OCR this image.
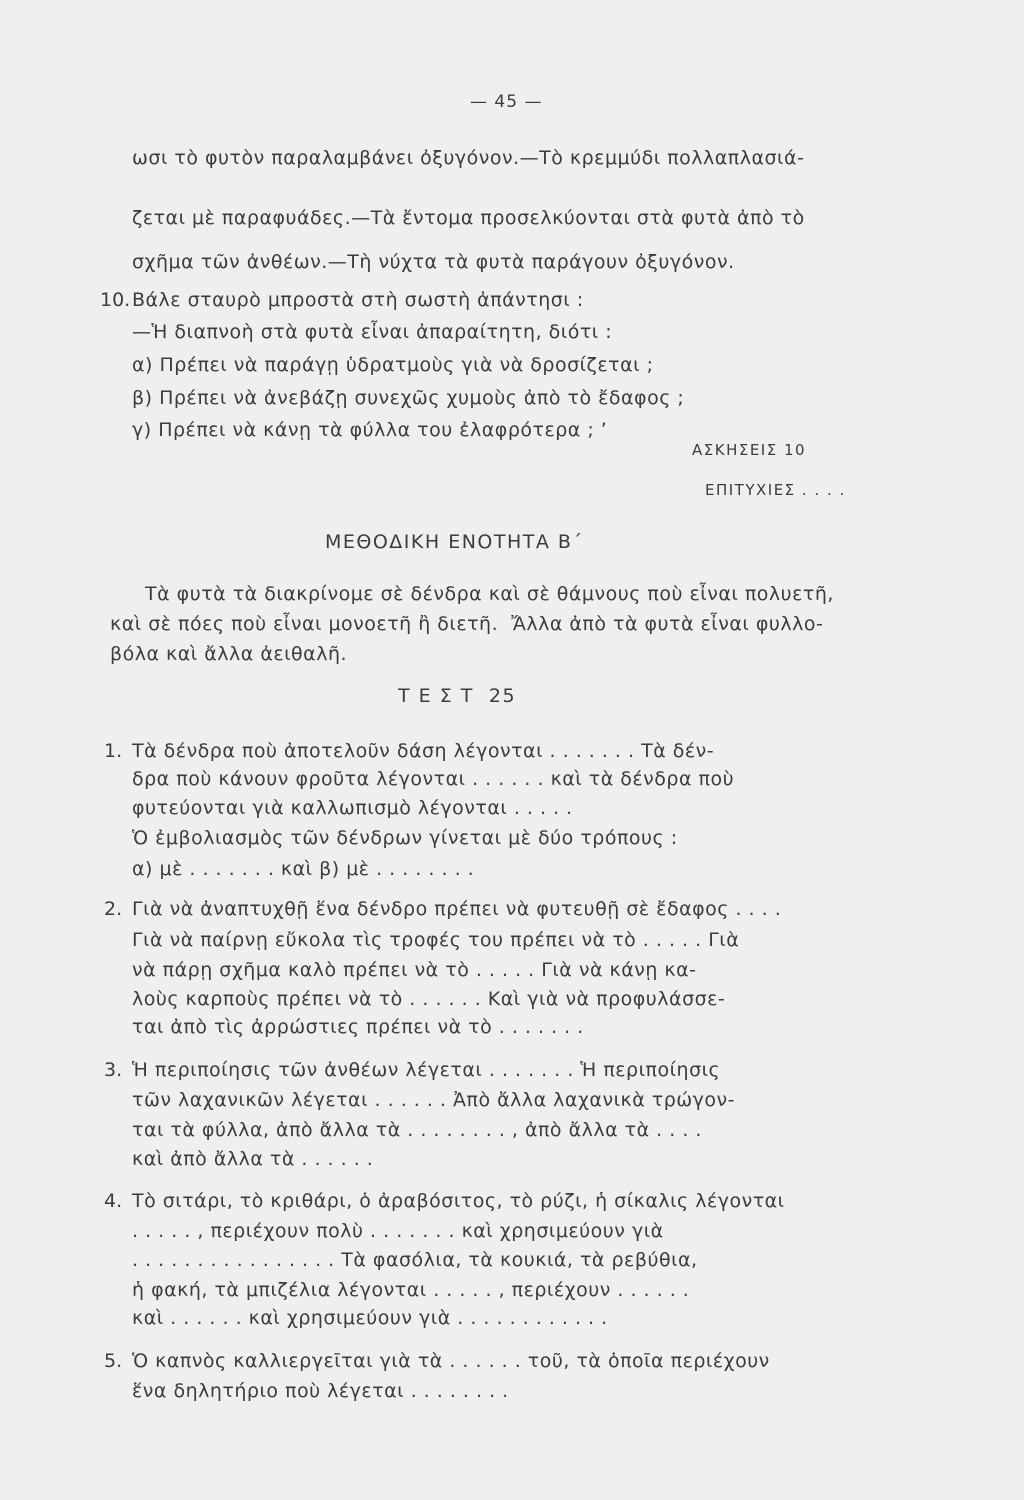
— 45 —
ωσι τὸ φυτὸν παραλαμβάνει ὀξυγόνον.—Τὸ κρεμμύδι πολλαπλασιά-
ζεται μὲ παραφυάδες.—Τὰ ἔντομα προσελκύονται στὰ φυτὰ ἀπὸ τὸ
σχῆμα τῶν ἀνθέων.—Τὴ νύχτα τὰ φυτὰ παράγουν ὀξυγόνον.
10. Βάλε σταυρὸ μπροστὰ στὴ σωστὴ ἀπάντησι :
—Ἡ διαπνοὴ στὰ φυτὰ εἶναι ἀπαραίτητη, διότι :
α) Πρέπει νὰ παράγῃ ὑδρατμοὺς γιὰ νὰ δροσίζεται ;
β) Πρέπει νὰ ἀνεβάζῃ συνεχῶς χυμοὺς ἀπὸ τὸ ἔδαφος ;
γ) Πρέπει νὰ κάνῃ τὰ φύλλα του ἐλαφρότερα ; ’
ΑΣΚΗΣΕΙΣ 10
ΕΠΙΤΥΧΙΕΣ . . . .
ΜΕΘΟΔΙΚΗ ΕΝΟΤΗΤΑ Β΄
Τὰ φυτὰ τὰ διακρίνομε σὲ δένδρα καὶ σὲ θάμνους ποὺ εἶναι πολυετῆ,
καὶ σὲ πόες ποὺ εἶναι μονοετῆ ἢ διετῆ.  Ἄλλα ἀπὸ τὰ φυτὰ εἶναι φυλλο-
βόλα καὶ ἄλλα ἀειθαλῆ.
Τ Ε Σ Τ  25
1. Τὰ δένδρα ποὺ ἀποτελοῦν δάση λέγονται . . . . . . . Τὰ δέν-
δρα ποὺ κάνουν φροῦτα λέγονται . . . . . . καὶ τὰ δένδρα ποὺ
φυτεύονται γιὰ καλλωπισμὸ λέγονται . . . . .
Ὁ ἐμβολιασμὸς τῶν δένδρων γίνεται μὲ δύο τρόπους :
α) μὲ . . . . . . . καὶ β) μὲ . . . . . . . .
2. Γιὰ νὰ ἀναπτυχθῇ ἕνα δένδρο πρέπει νὰ φυτευθῇ σὲ ἔδαφος . . . .
Γιὰ νὰ παίρνῃ εὔκολα τὶς τροφές του πρέπει νὰ τὸ . . . . . Γιὰ
νὰ πάρῃ σχῆμα καλὸ πρέπει νὰ τὸ . . . . . Γιὰ νὰ κάνῃ κα-
λοὺς καρποὺς πρέπει νὰ τὸ . . . . . . Καὶ γιὰ νὰ προφυλάσσε-
ται ἀπὸ τὶς ἀρρώστιες πρέπει νὰ τὸ . . . . . . .
3. Ἡ περιποίησις τῶν ἀνθέων λέγεται . . . . . . . Ἡ περιποίησις
τῶν λαχανικῶν λέγεται . . . . . . Ἀπὸ ἄλλα λαχανικὰ τρώγον-
ται τὰ φύλλα, ἀπὸ ἄλλα τὰ . . . . . . . . , ἀπὸ ἄλλα τὰ . . . .
καὶ ἀπὸ ἄλλα τὰ . . . . . .
4. Τὸ σιτάρι, τὸ κριθάρι, ὁ ἀραβόσιτος, τὸ ρύζι, ἡ σίκαλις λέγονται
. . . . . , περιέχουν πολὺ . . . . . . . καὶ χρησιμεύουν γιὰ
. . . . . . . . . . . . . . . . Τὰ φασόλια, τὰ κουκιά, τὰ ρεβύθια,
ἡ φακή, τὰ μπιζέλια λέγονται . . . . . , περιέχουν . . . . . .
καὶ . . . . . . καὶ χρησιμεύουν γιὰ . . . . . . . . . . . .
5. Ὁ καπνὸς καλλιεργεῖται γιὰ τὰ . . . . . . τοῦ, τὰ ὁποῖα περιέχουν
ἕνα δηλητήριο ποὺ λέγεται . . . . . . . .
